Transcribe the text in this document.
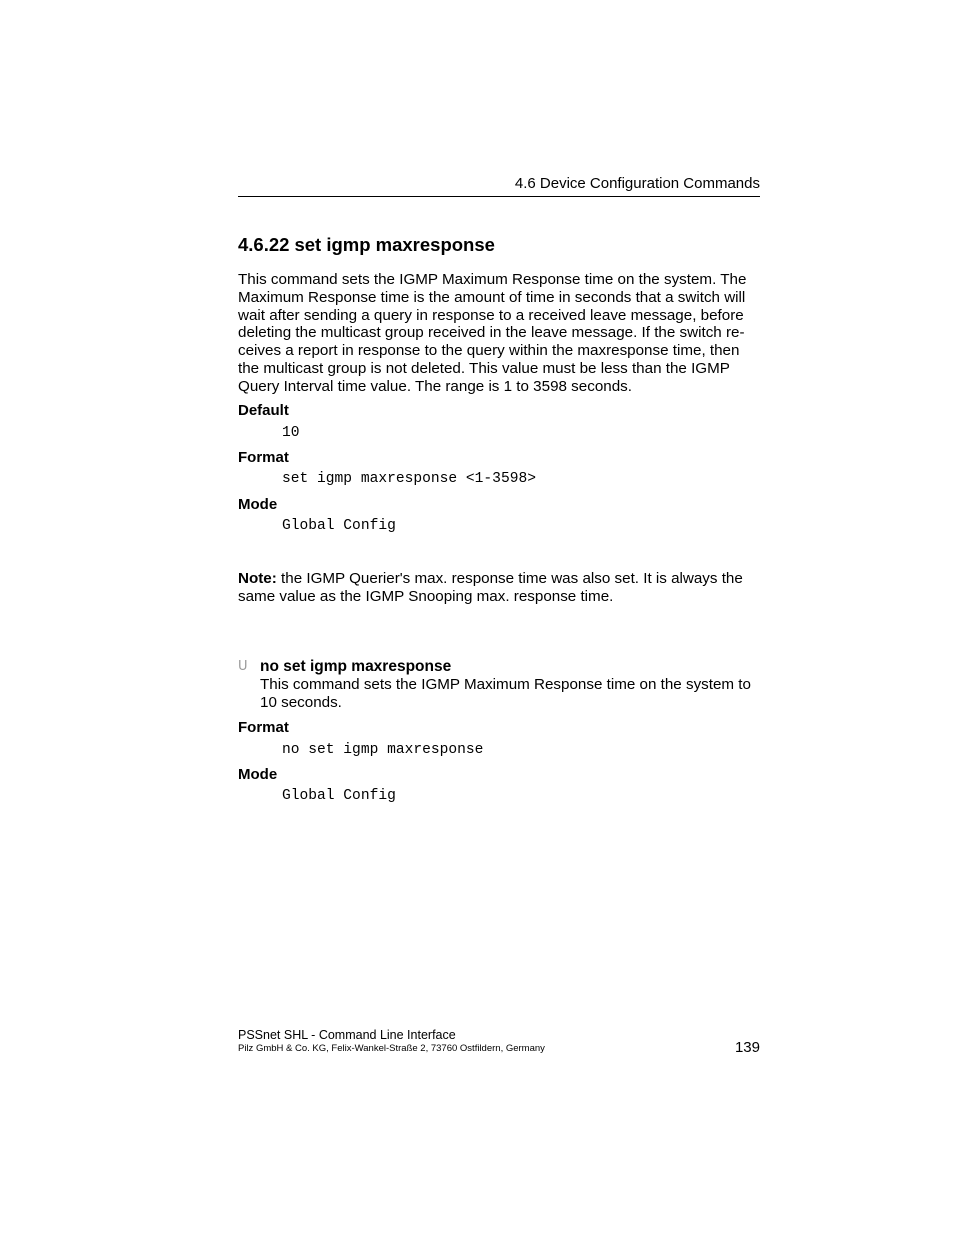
4.6 Device Configuration Commands
4.6.22 set igmp maxresponse

This command sets the IGMP Maximum Response time on the system. The
Maximum Response time is the amount of time in seconds that a switch will
wait after sending a query in response to a received leave message, before
deleting the multicast group received in the leave message. If the switch re-
ceives a report in response to the query within the maxresponse time, then
the multicast group is not deleted. This value must be less than the IGMP
Query Interval time value. The range is 1 to 3598 seconds.

Default
10
Format
set igmp maxresponse <1-3598>
Mode
Global Config

Note: the IGMP Querier's max. response time was also set. It is always the
same value as the IGMP Snooping max. response time.

U no set igmp maxresponse

This command sets the IGMP Maximum Response time on the system to
10 seconds.

Format
no set igmp maxresponse
Mode
Global Config
PSSnet SHL - Command Line Interface
Pilz GmbH & Co. KG, Felix-Wankel-Straße 2, 73760 Ostfildern, Germany	139
